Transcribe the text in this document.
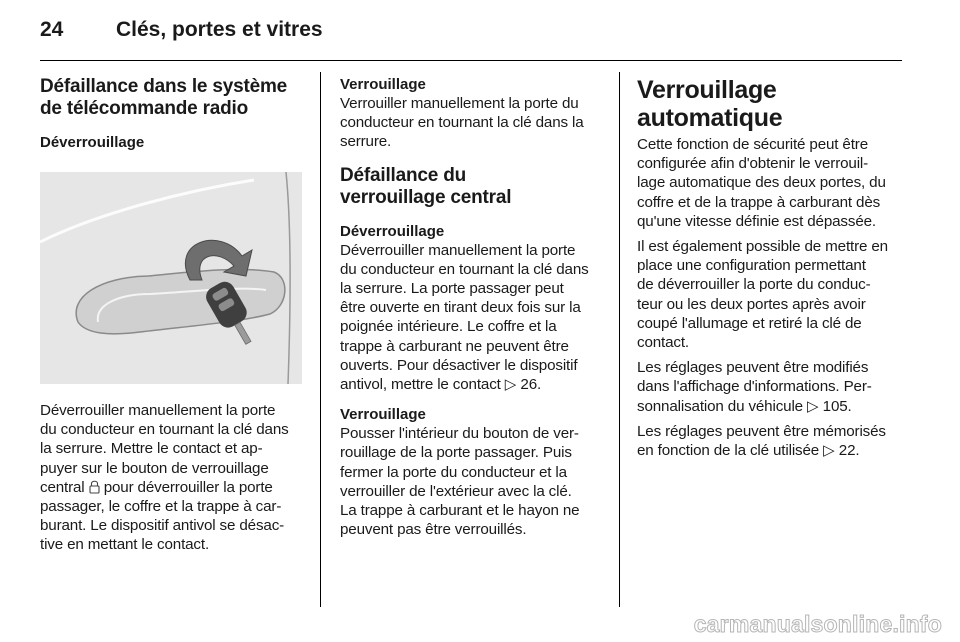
24	Clés, portes et vitres
Défaillance dans le système de télécommande radio
Déverrouillage

Déverrouiller manuellement la porte
du conducteur en tournant la clé dans
la serrure. Mettre le contact et ap-
puyer sur le bouton de verrouillage
central  pour déverrouiller la porte
passager, le coffre et la trappe à car-
burant. Le dispositif antivol se désac-
tive en mettant le contact.

Verrouillage

Verrouiller manuellement la porte du
conducteur en tournant la clé dans la
serrure.

Défaillance du verrouillage central
Déverrouillage

Déverrouiller manuellement la porte
du conducteur en tournant la clé dans
la serrure. La porte passager peut
être ouverte en tirant deux fois sur la
poignée intérieure. Le coffre et la
trappe à carburant ne peuvent être
ouverts. Pour désactiver le dispositif
antivol, mettre le contact ▷ 26.

Verrouillage

Pousser l'intérieur du bouton de ver-
rouillage de la porte passager. Puis
fermer la porte du conducteur et la
verrouiller de l'extérieur avec la clé.
La trappe à carburant et le hayon ne
peuvent pas être verrouillés.

Verrouillage automatique

Cette fonction de sécurité peut être
configurée afin d'obtenir le verrouil-
lage automatique des deux portes, du
coffre et de la trappe à carburant dès
qu'une vitesse définie est dépassée.

Il est également possible de mettre en
place une configuration permettant
de déverrouiller la porte du conduc-
teur ou les deux portes après avoir
coupé l'allumage et retiré la clé de
contact.

Les réglages peuvent être modifiés
dans l'affichage d'informations. Per-
sonnalisation du véhicule ▷ 105.

Les réglages peuvent être mémorisés
en fonction de la clé utilisée ▷ 22.

carmanualsonline.info
